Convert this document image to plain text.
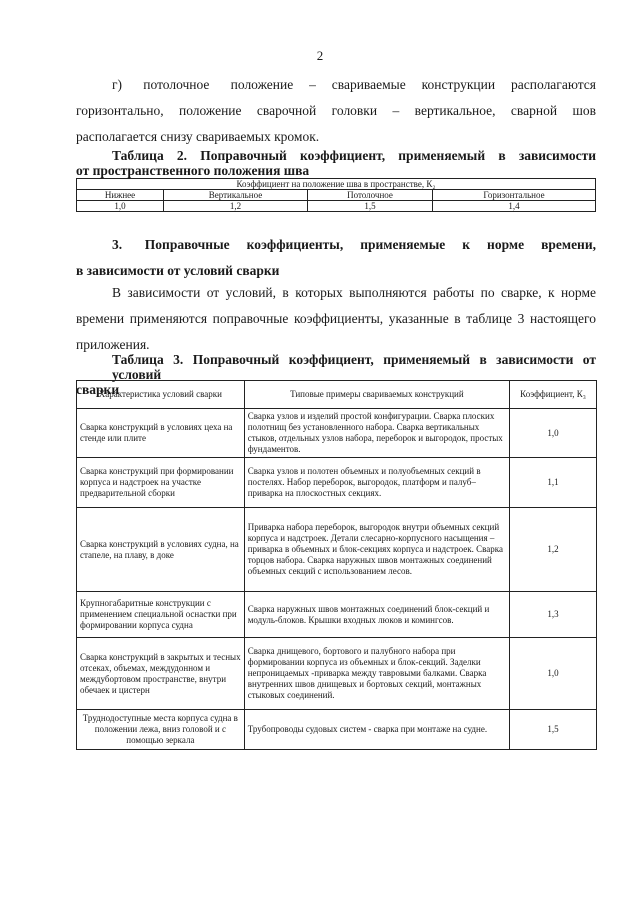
2
г)    потолочное    положение   –   свариваемые   конструкции   располагаются
горизонтально, положение сварочной головки – вертикальное, сварной шов располагается снизу свариваемых кромок.
Таблица 2. Поправочный коэффициент, применяемый в зависимости
от пространственного положения шва
Коэффициент на положение шва в пространстве, К₂			
Нижнее	Вертикальное	Потолочное	Горизонтальное
1,0	1,2	1,5	1,4
3.    Поправочные   коэффициенты,   применяемые   к   норме   времени,
в зависимости от условий сварки
В зависимости от условий, в которых выполняются работы по сварке, к норме времени применяются поправочные коэффициенты, указанные в таблице 3 настоящего приложения.
Таблица 3. Поправочный коэффициент, применяемый в зависимости от условий
сварки
Характеристика условий сварки	Типовые примеры свариваемых конструкций	Коэффициент, К₃
Сварка конструкций в условиях цеха на стенде или плите	Сварка узлов и изделий простой конфигурации. Сварка плоских полотнищ без установленного набора. Сварка вертикальных стыков, отдельных узлов набора, переборок и выгородок, простых фундаментов.	1,0
Сварка конструкций при формировании корпуса и надстроек на участке предварительной сборки	Сварка узлов и полотен объемных и полуобъемных секций в постелях. Набор переборок, выгородок, платформ и палуб–приварка на плоскостных секциях.	1,1
Сварка конструкций в условиях судна, на стапеле, на плаву, в доке	Приварка набора переборок, выгородок внутри объемных секций корпуса и надстроек. Детали слесарно-корпусного насыщения – приварка в объемных и блок-секциях корпуса и надстроек. Сварка торцов набора. Сварка наружных швов монтажных соединений объемных секций с использованием лесов.	1,2
Крупногабаритные конструкции с применением специальной оснастки при формировании корпуса судна	Сварка наружных швов монтажных соединений блок-секций и модуль-блоков. Крышки входных люков и комингсов.	1,3
Сварка конструкций в закрытых и тесных отсеках, объемах, междудонном и междубортовом пространстве, внутри обечаек и цистерн	Сварка днищевого, бортового и палубного набора при формировании корпуса из объемных и блок-секций. Заделки непроницаемых -приварка между тавровыми балками. Сварка внутренних швов днищевых и бортовых секций, монтажных стыковых соединений.	1,0
Труднодоступные места корпуса судна в положении лежа, вниз головой и с помощью зеркала	Трубопроводы судовых систем - сварка при монтаже на судне.	1,5
